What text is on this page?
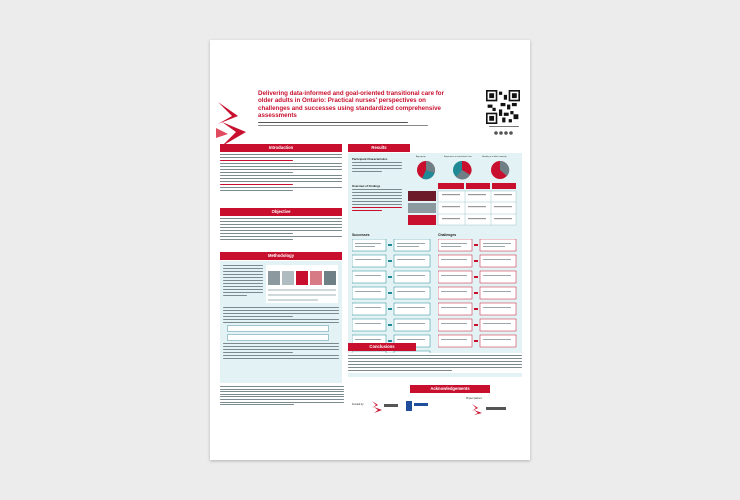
Delivering data-informed and goal-oriented transitional care for older adults in Ontario: Practical nurses' perspectives on challenges and successes using standardized comprehensive assessments
Introduction
Objective
Methodology
Results
Participant Characteristics	Age group	Experience in transitional care	Identify as a black minority
Overview of Findings
Successes	Challenges
Conclusions
Acknowledgements
Funded by:
Project partner:
